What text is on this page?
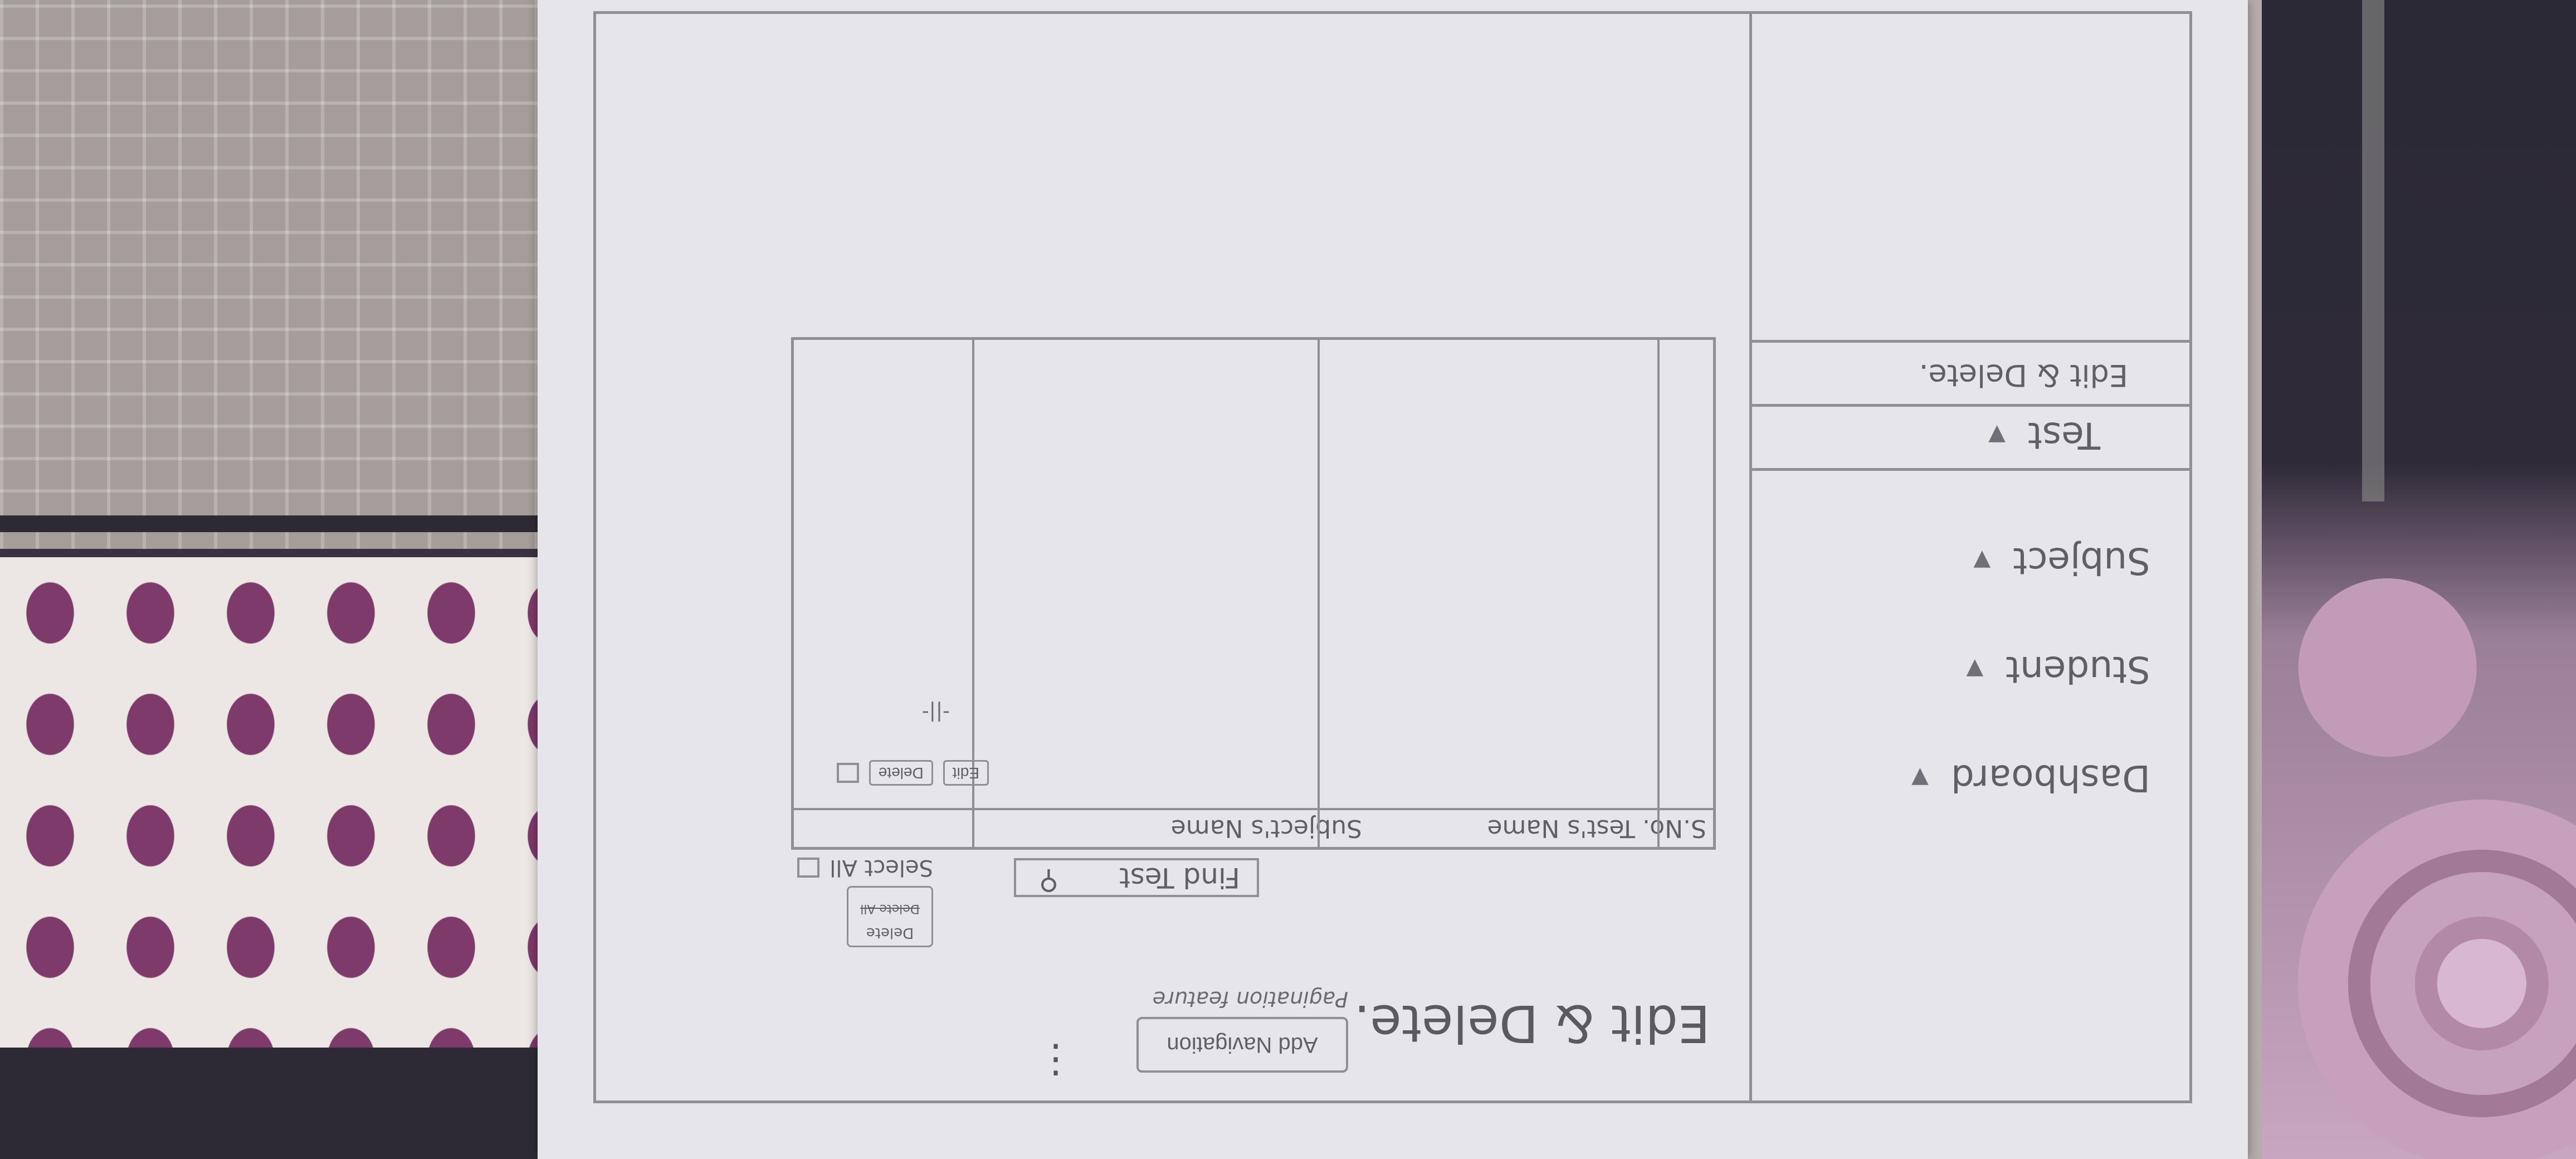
Dashboard
▼
Student
▼
Subject
▼
Test
▼
Edit & Delete.
Edit & Delete.
Add Navigation
Pagination feature
⋮
Find Test
⚲
Delete
Delete All
Select All
S.No.
Test's Name
Subject's Name
Edit
Delete
-||-
